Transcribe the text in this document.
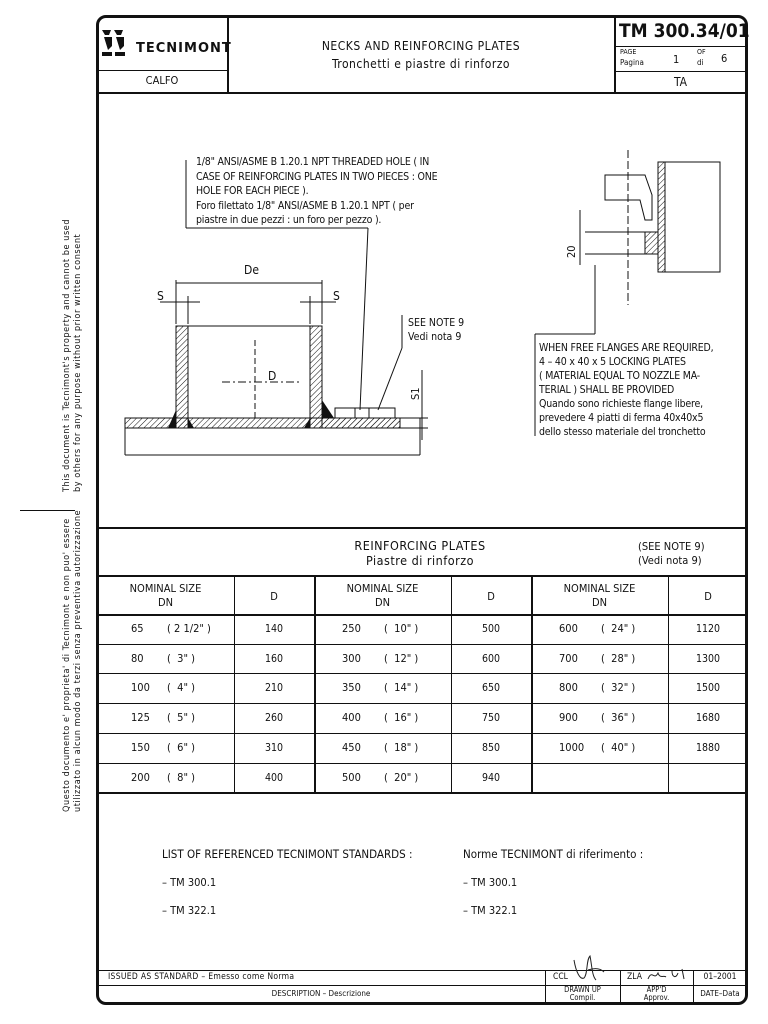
This document is Tecnimont's property and cannot be used by others for any purpose without prior written consent
Questo documento e' proprieta' di Tecnimont e non puo' essere utilizzato in alcun modo da terzi senza preventiva autorizzazione
TECNIMONT
CALFO
NECKS AND REINFORCING PLATES
Tronchetti e piastre di rinforzo
TM 300.34/01
PAGE
Pagina	1
OF
di 6
TA
1/8" ANSI/ASME B 1.20.1 NPT THREADED HOLE ( IN
CASE OF REINFORCING PLATES IN TWO PIECES : ONE
HOLE FOR EACH PIECE ).
Foro filettato 1/8" ANSI/ASME B 1.20.1 NPT ( per
piastre in due pezzi : un foro per pezzo ).
SEE NOTE 9
Vedi nota 9
De
S	S
D
S1
20
WHEN FREE FLANGES ARE REQUIRED,
4 – 40 x 40 x 5 LOCKING PLATES
( MATERIAL EQUAL TO NOZZLE MA-
TERIAL ) SHALL BE PROVIDED
Quando sono richieste flange libere,
prevedere 4 piatti di ferma 40x40x5
dello stesso materiale del tronchetto
REINFORCING PLATES
Piastre di rinforzo
(SEE NOTE 9)
(Vedi nota 9)
NOMINAL SIZE
DN	D
65 ( 2 1/2" )	140
80 (  3" )	160
100 (  4" )	210
125 (  5" )	260
150 (  6" )	310
200 (  8" )	400
NOMINAL SIZE
DN	D
250 (  10" )	500
300 (  12" )	600
350 (  14" )	650
400 (  16" )	750
450 (  18" )	850
500 (  20" )	940
NOMINAL SIZE
DN	D
600 (  24" )	1120
700 (  28" )	1300
800 (  32" )	1500
900 (  36" )	1680
1000 (  40" )	1880
LIST OF REFERENCED TECNIMONT STANDARDS :	Norme TECNIMONT di riferimento :
– TM 300.1
– TM 322.1
– TM 300.1
– TM 322.1
ISSUED AS STANDARD – Emesso come Norma
DESCRIPTION – Descrizione
CCL
DRAWN UP
Compil.
ZLA
APP'D
Approv.
01–2001
DATE–Data
